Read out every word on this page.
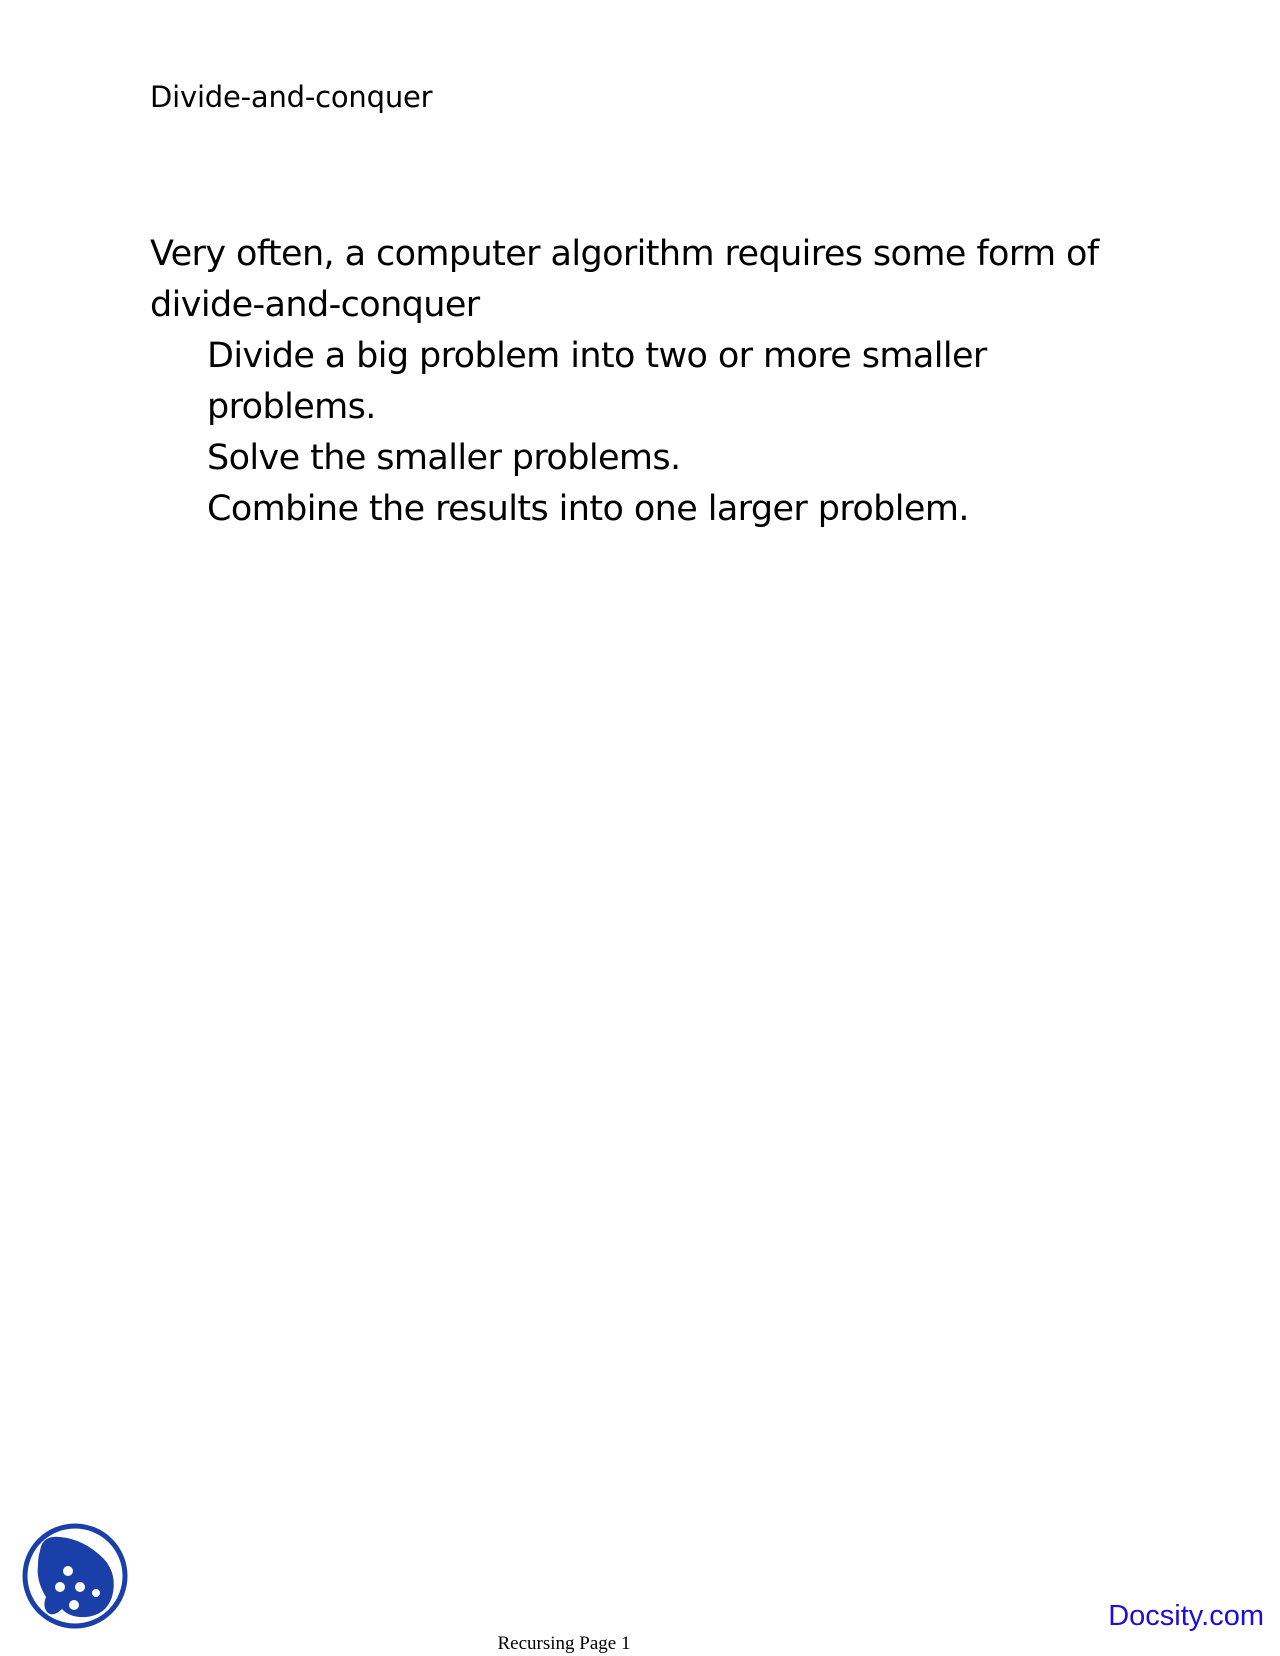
Divide-and-conquer
Very often, a computer algorithm requires some form of
divide-and-conquer
Divide a big problem into two or more smaller
problems.
Solve the smaller problems.
Combine the results into one larger problem.
Docsity.com
Recursing Page 1
